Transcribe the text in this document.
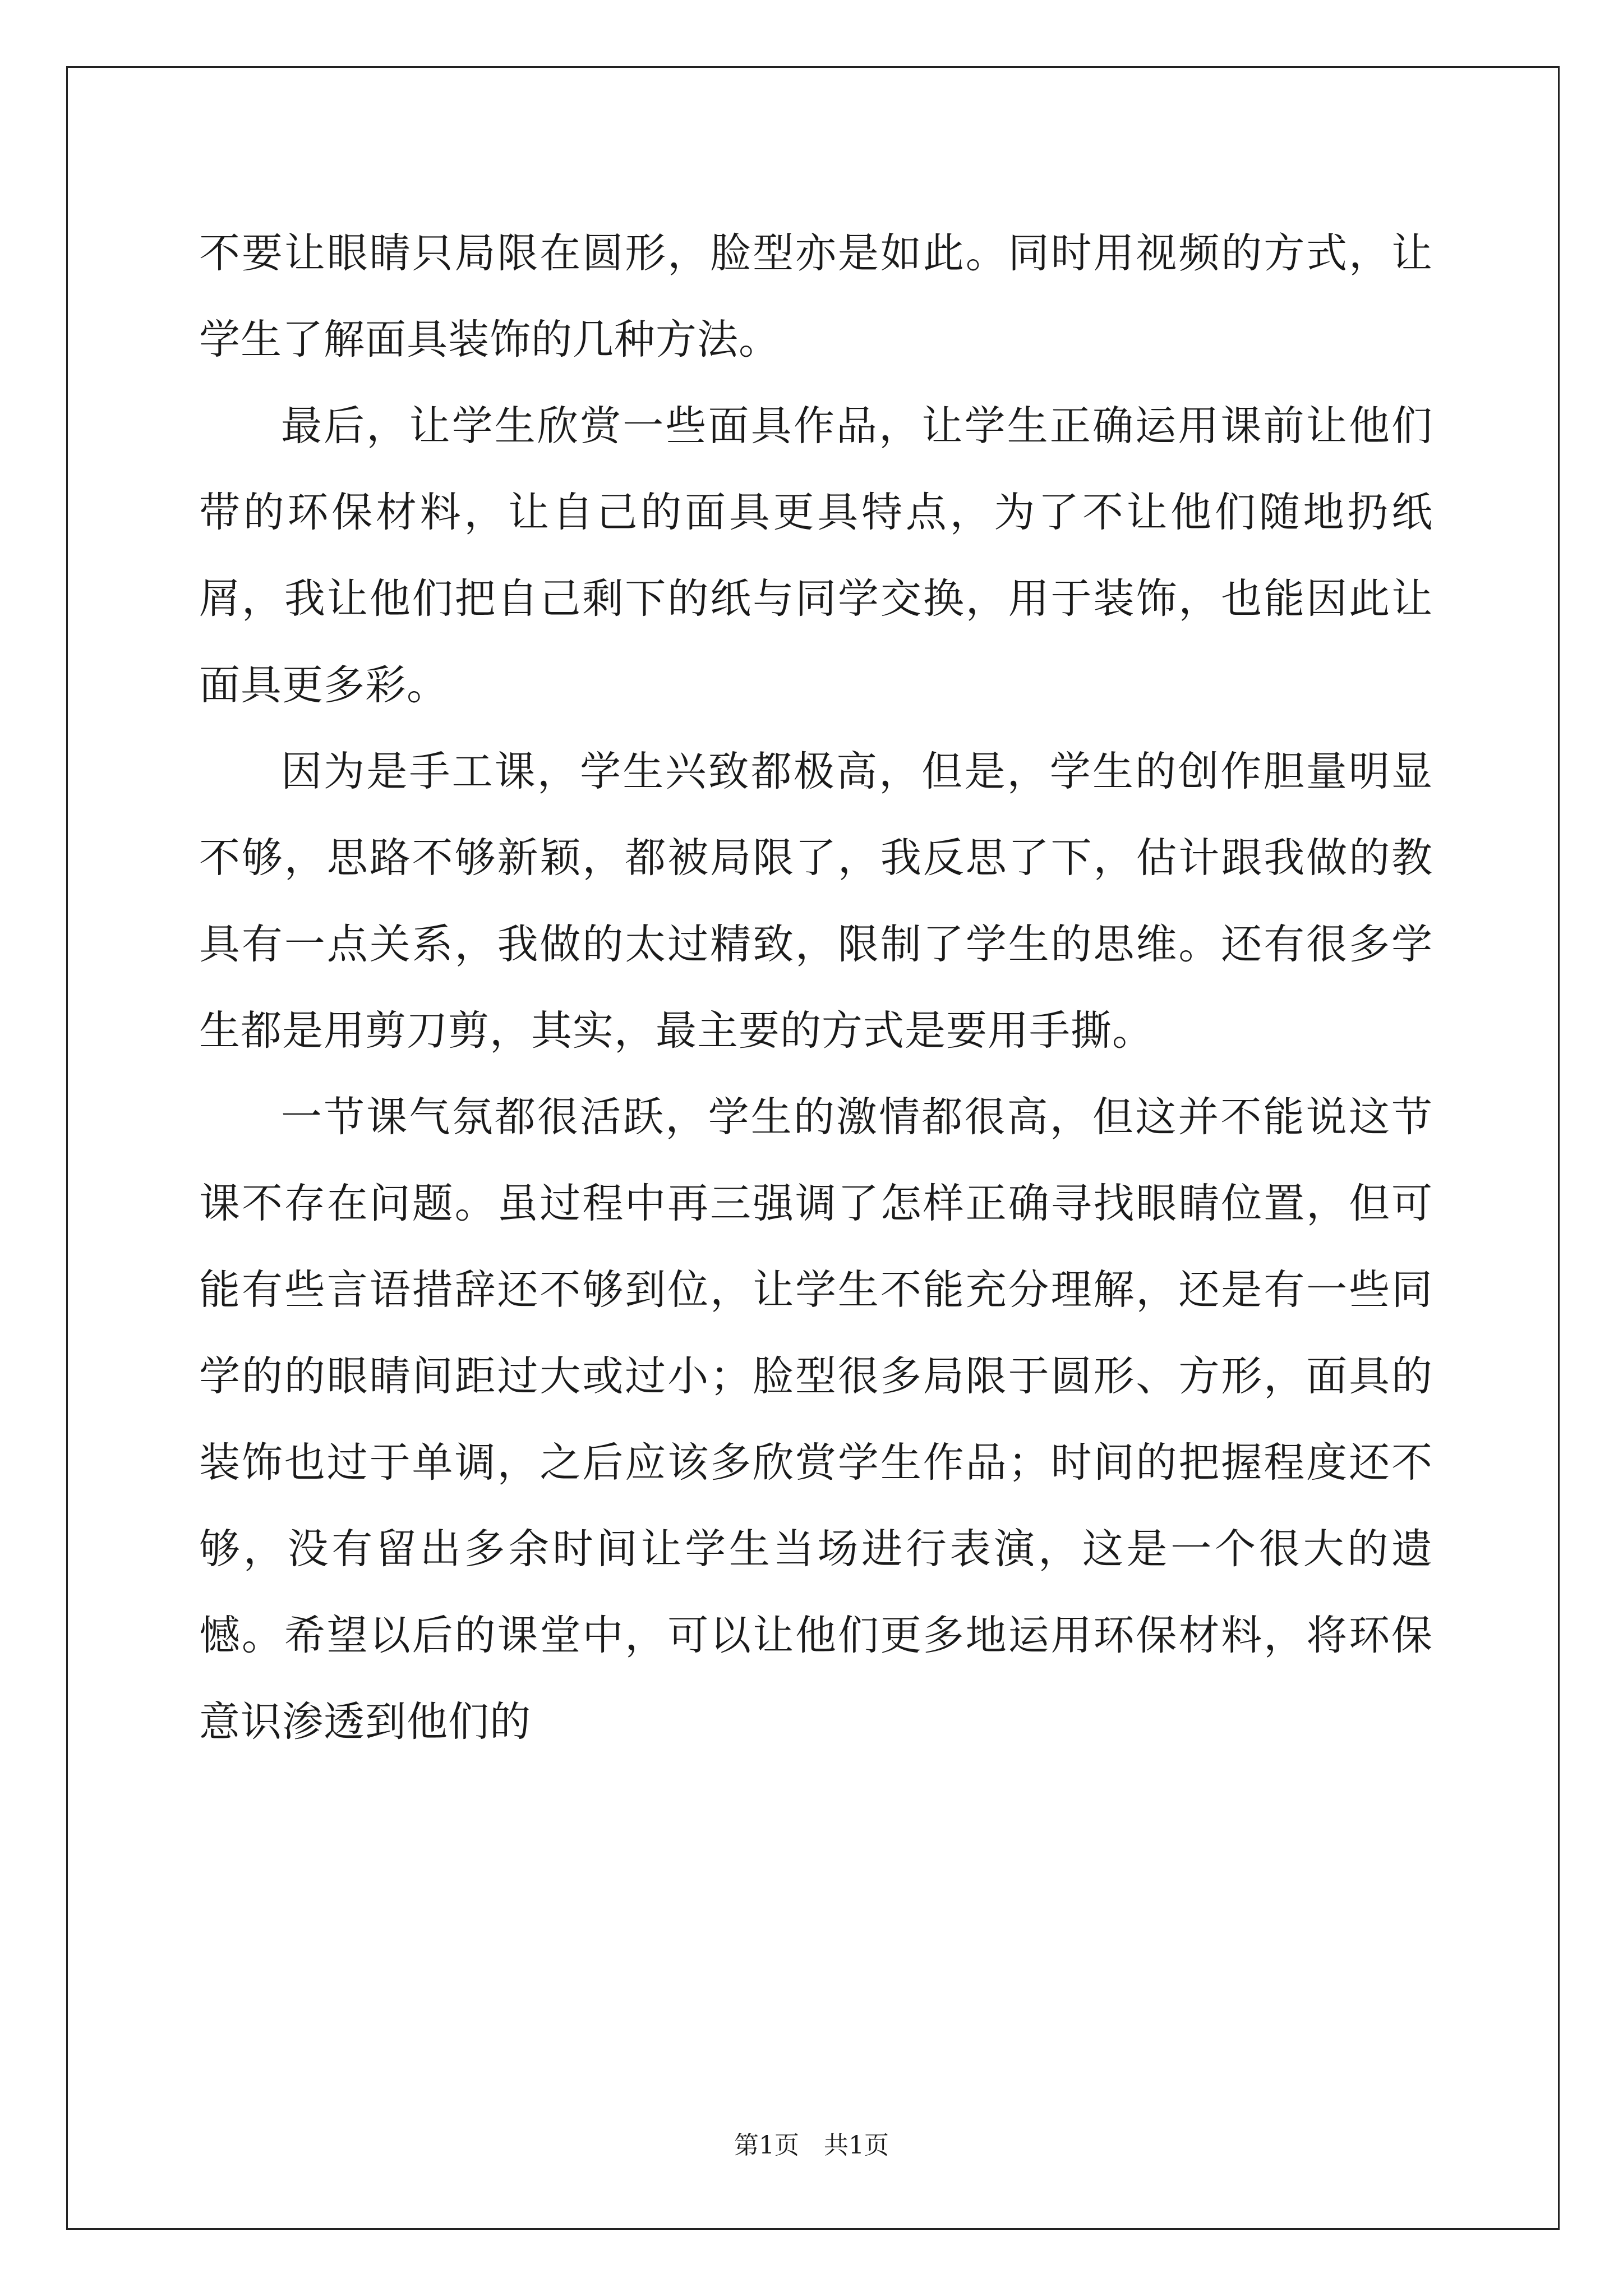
不要让眼睛只局限在圆形，脸型亦是如此。同时用视频的方式，让学生了解面具装饰的几种方法。

最后，让学生欣赏一些面具作品，让学生正确运用课前让他们带的环保材料，让自己的面具更具特点，为了不让他们随地扔纸屑，我让他们把自己剩下的纸与同学交换，用于装饰，也能因此让面具更多彩。

因为是手工课，学生兴致都极高，但是，学生的创作胆量明显不够，思路不够新颖，都被局限了，我反思了下，估计跟我做的教具有一点关系，我做的太过精致，限制了学生的思维。还有很多学生都是用剪刀剪，其实，最主要的方式是要用手撕。

一节课气氛都很活跃，学生的激情都很高，但这并不能说这节课不存在问题。虽过程中再三强调了怎样正确寻找眼睛位置，但可能有些言语措辞还不够到位，让学生不能充分理解，还是有一些同学的的眼睛间距过大或过小；脸型很多局限于圆形、方形，面具的装饰也过于单调，之后应该多欣赏学生作品；时间的把握程度还不够，没有留出多余时间让学生当场进行表演，这是一个很大的遗憾。希望以后的课堂中，可以让他们更多地运用环保材料，将环保意识渗透到他们的

第1页　共1页
